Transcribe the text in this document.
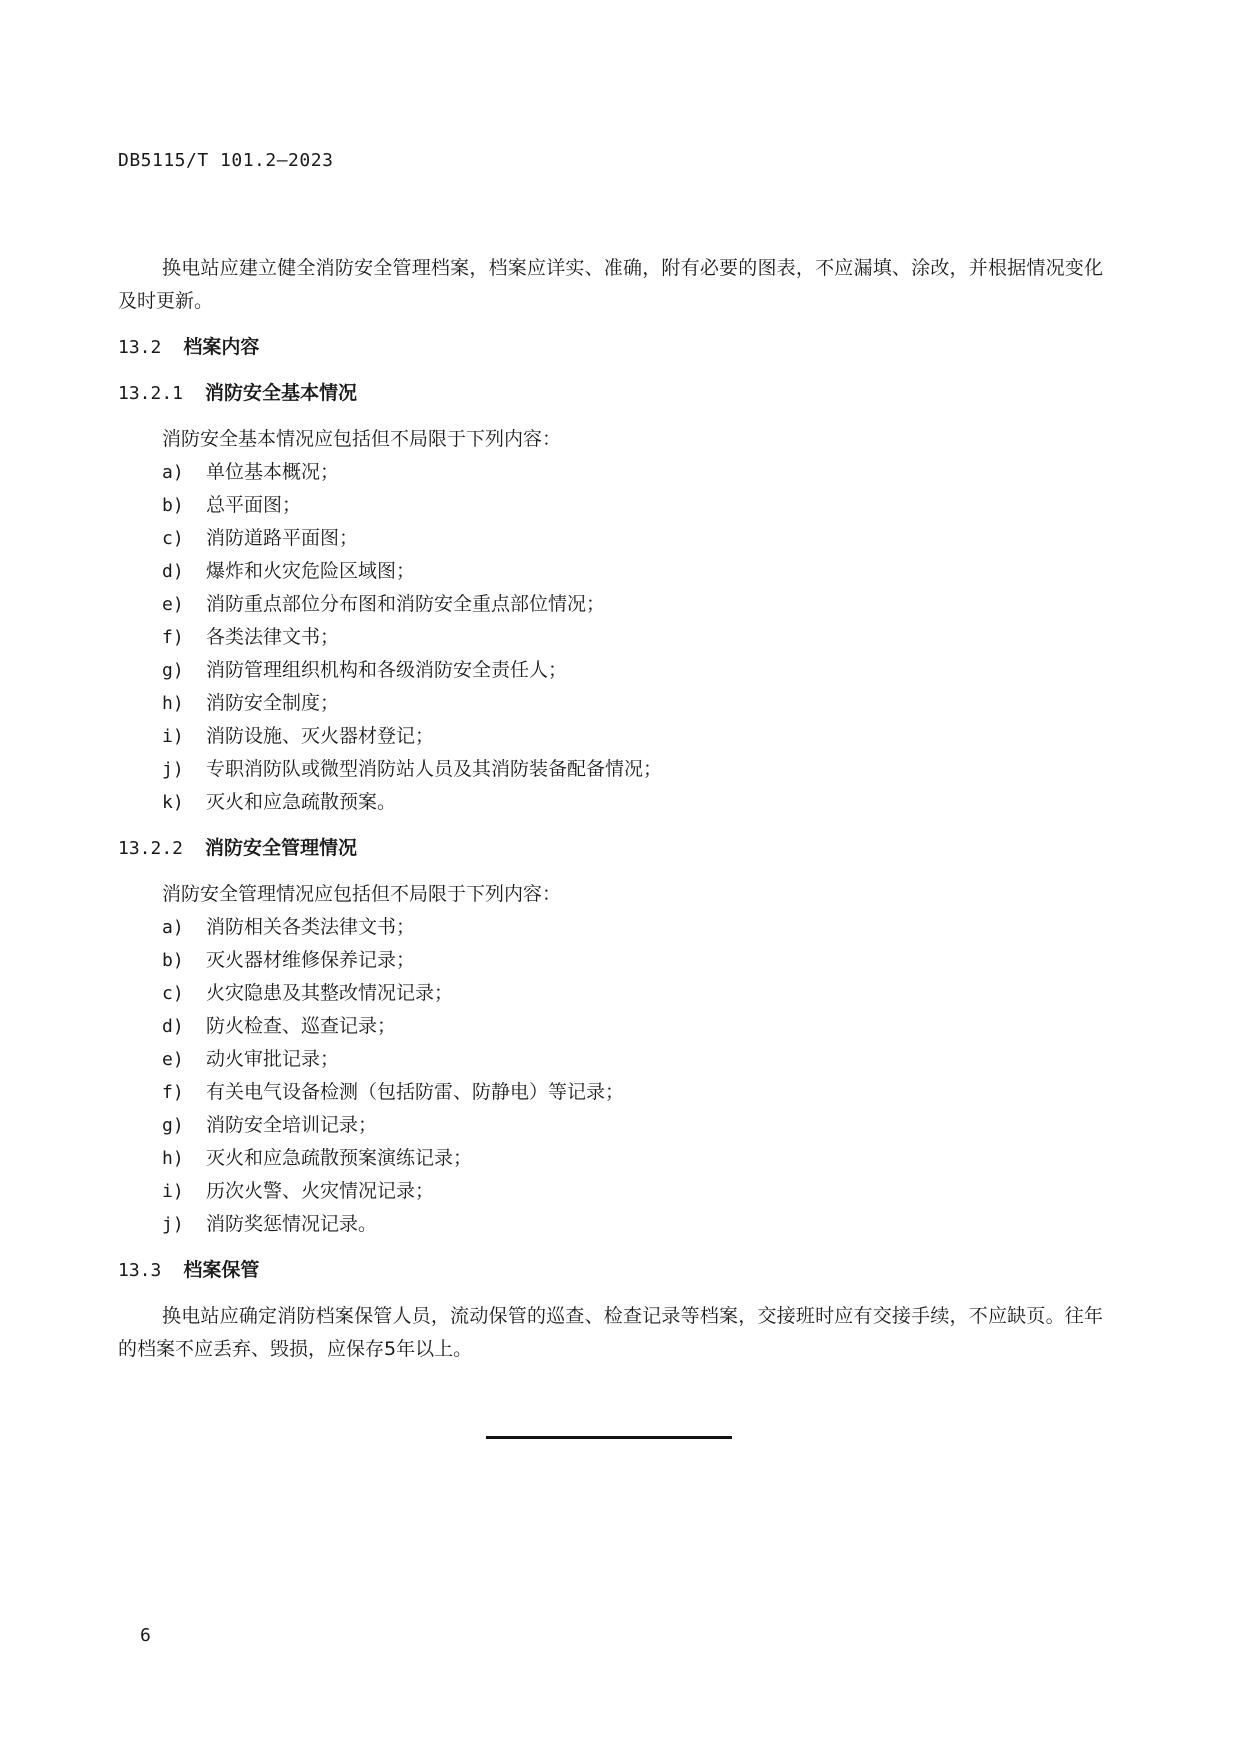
DB5115/T 101.2—2023

换电站应建立健全消防安全管理档案，档案应详实、准确，附有必要的图表，不应漏填、涂改，并根据情况变化及时更新。

13.2 档案内容
13.2.1 消防安全基本情况

消防安全基本情况应包括但不局限于下列内容：

a)	单位基本概况；
b)	总平面图；
c)	消防道路平面图；
d)	爆炸和火灾危险区域图；
e)	消防重点部位分布图和消防安全重点部位情况；
f)	各类法律文书；
g)	消防管理组织机构和各级消防安全责任人；
h)	消防安全制度；
i)	消防设施、灭火器材登记；
j)	专职消防队或微型消防站人员及其消防装备配备情况；
k)	灭火和应急疏散预案。
13.2.2 消防安全管理情况

消防安全管理情况应包括但不局限于下列内容：

a)	消防相关各类法律文书；
b)	灭火器材维修保养记录；
c)	火灾隐患及其整改情况记录；
d)	防火检查、巡查记录；
e)	动火审批记录；
f)	有关电气设备检测（包括防雷、防静电）等记录；
g)	消防安全培训记录；
h)	灭火和应急疏散预案演练记录；
i)	历次火警、火灾情况记录；
j)	消防奖惩情况记录。
13.3 档案保管

换电站应确定消防档案保管人员，流动保管的巡查、检查记录等档案，交接班时应有交接手续，不应缺页。往年的档案不应丢弃、毁损，应保存5年以上。

6
